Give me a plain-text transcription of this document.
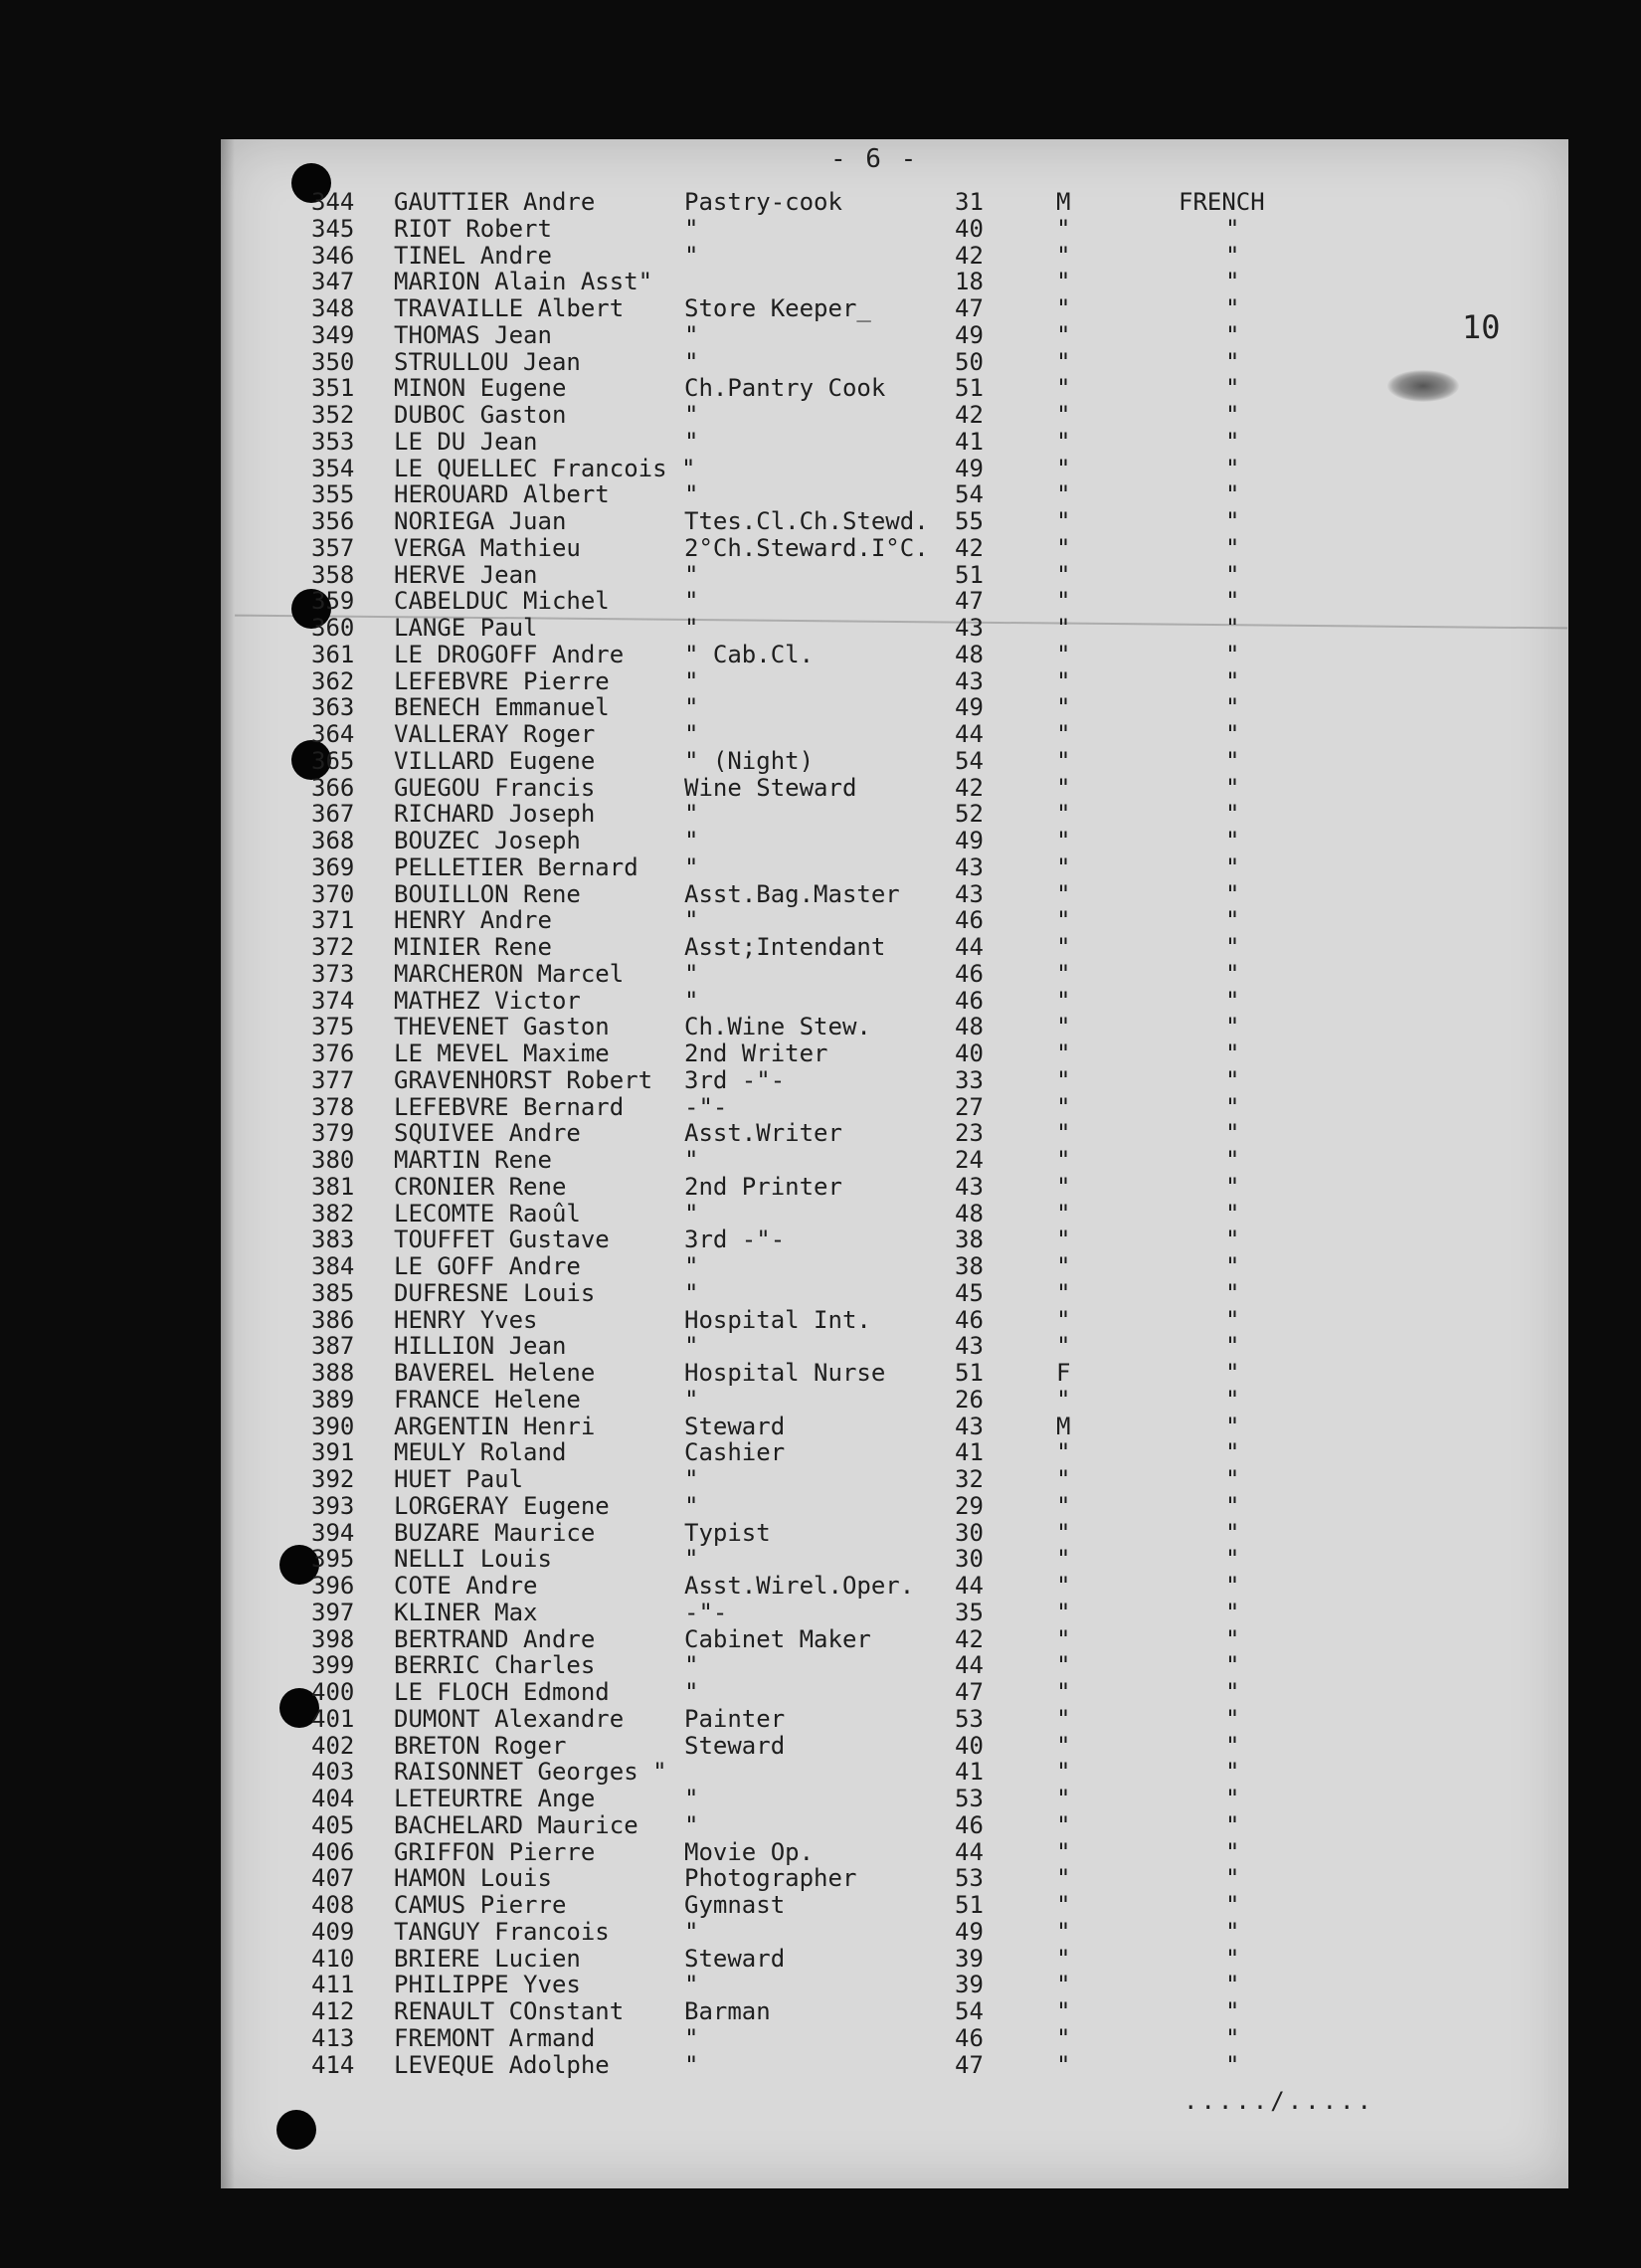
- 6 -
10
344 GAUTTIER Andre	Pastry-cook	31	M	FRENCH
345 RIOT Robert	"	40	"	"
346 TINEL Andre	"	42	"	"
347 MARION Alain Asst"	18	"	"
348 TRAVAILLE Albert	Store Keeper_	47	"	"
349 THOMAS Jean	"	49	"	"
350 STRULLOU Jean	"	50	"	"
351 MINON Eugene	Ch.Pantry Cook	51	"	"
352 DUBOC Gaston	"	42	"	"
353 LE DU Jean	"	41	"	"
354 LE QUELLEC Francois "	49	"	"
355 HEROUARD Albert	"	54	"	"
356 NORIEGA Juan	Ttes.Cl.Ch.Stewd. 55	"	"
357 VERGA Mathieu	2°Ch.Steward.I°C. 42	"	"
358 HERVE Jean	"	51	"	"
359 CABELDUC Michel	"	47	"	"
360 LANGE Paul	"	43	"	"
361 LE DROGOFF Andre	" Cab.Cl.	48	"	"
362 LEFEBVRE Pierre	"	43	"	"
363 BENECH Emmanuel	"	49	"	"
364 VALLERAY Roger	"	44	"	"
365 VILLARD Eugene	" (Night)	54	"	"
366 GUEGOU Francis	Wine Steward	42	"	"
367 RICHARD Joseph	"	52	"	"
368 BOUZEC Joseph	"	49	"	"
369 PELLETIER Bernard "	43	"	"
370 BOUILLON Rene	Asst.Bag.Master 43	"	"
371 HENRY Andre	"	46	"	"
372 MINIER Rene	Asst;Intendant	44	"	"
373 MARCHERON Marcel	"	46	"	"
374 MATHEZ Victor	"	46	"	"
375 THEVENET Gaston	Ch.Wine Stew.	48	"	"
376 LE MEVEL Maxime	2nd Writer	40	"	"
377 GRAVENHORST Robert 3rd -"-	33	"	"
378 LEFEBVRE Bernard	-"-	27	"	"
379 SQUIVEE Andre	Asst.Writer	23	"	"
380 MARTIN Rene	"	24	"	"
381 CRONIER Rene	2nd Printer	43	"	"
382 LECOMTE Raoûl	"	48	"	"
383 TOUFFET Gustave	3rd -"-	38	"	"
384 LE GOFF Andre	"	38	"	"
385 DUFRESNE Louis	"	45	"	"
386 HENRY Yves	Hospital Int.	46	"	"
387 HILLION Jean	"	43	"	"
388 BAVEREL Helene	Hospital Nurse	51	F	"
389 FRANCE Helene	"	26	"	"
390 ARGENTIN Henri	Steward	43	M	"
391 MEULY Roland	Cashier	41	"	"
392 HUET Paul	"	32	"	"
393 LORGERAY Eugene	"	29	"	"
394 BUZARE Maurice	Typist	30	"	"
395 NELLI Louis	"	30	"	"
396 COTE Andre	Asst.Wirel.Oper. 44	"	"
397 KLINER Max	-"-	35	"	"
398 BERTRAND Andre	Cabinet Maker	42	"	"
399 BERRIC Charles	"	44	"	"
400 LE FLOCH Edmond	"	47	"	"
401 DUMONT Alexandre	Painter	53	"	"
402 BRETON Roger	Steward	40	"	"
403 RAISONNET Georges "	41	"	"
404 LETEURTRE Ange	"	53	"	"
405 BACHELARD Maurice "	46	"	"
406 GRIFFON Pierre	Movie Op.	44	"	"
407 HAMON Louis	Photographer	53	"	"
408 CAMUS Pierre	Gymnast	51	"	"
409 TANGUY Francois	"	49	"	"
410 BRIERE Lucien	Steward	39	"	"
411 PHILIPPE Yves	"	39	"	"
412 RENAULT COnstant	Barman	54	"	"
413 FREMONT Armand	"	46	"	"
414 LEVEQUE Adolphe	"	47	"	"
...../.....
